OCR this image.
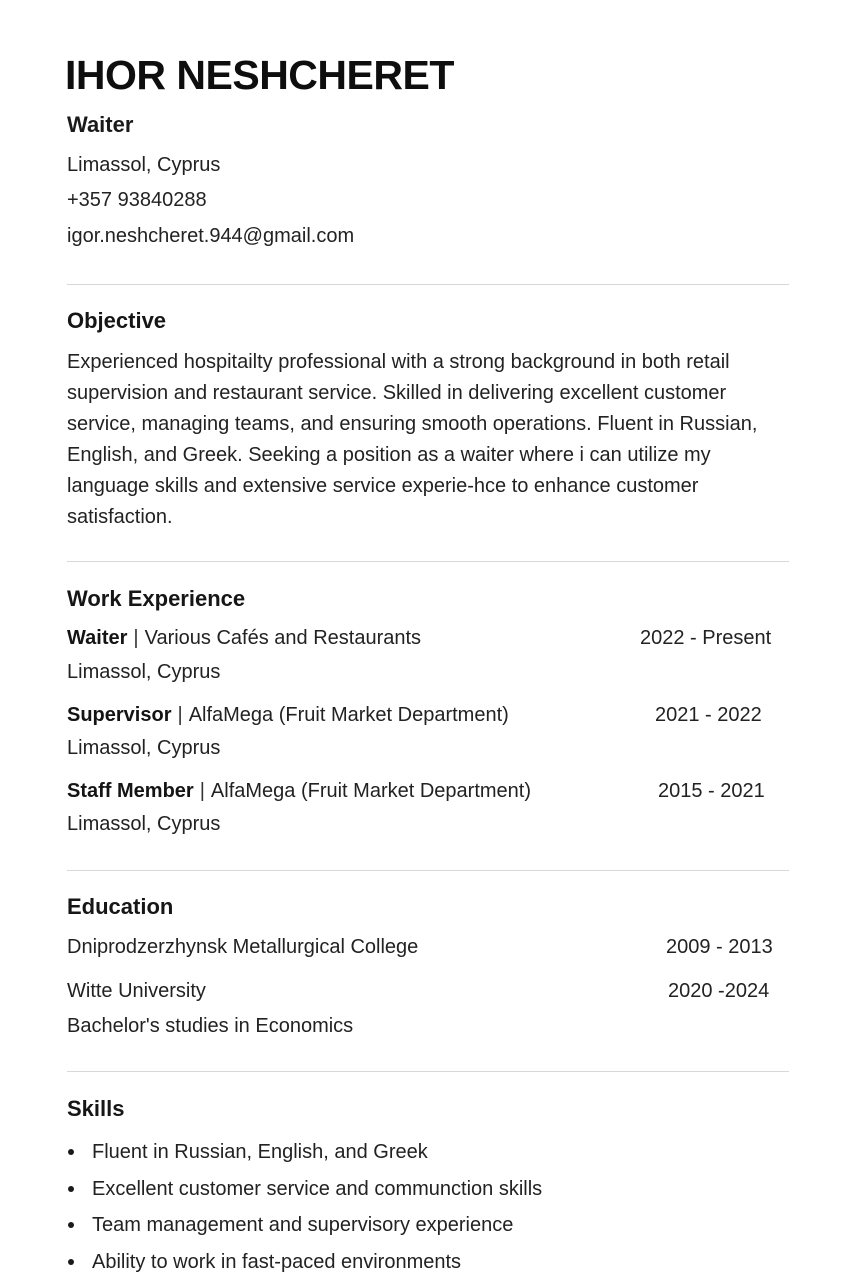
IHOR NESHCHERET
Waiter
Limassol, Cyprus
+357 93840288
igor.neshcheret.944@gmail.com
Objective
Experienced hospitailty professional with a strong background in both retail supervision and restaurant service. Skilled in delivering excellent customer service, managing teams, and ensuring smooth operations. Fluent in Russian, English, and Greek. Seeking a position as a waiter where i can utilize my language skills and extensive service experie-hce to enhance customer satisfaction.
Work Experience
Waiter | Various Cafés and Restaurants	2022 - Present
Limassol, Cyprus
Supervisor | AlfaMega (Fruit Market Department)	2021 - 2022
Limassol, Cyprus
Staff Member | AlfaMega (Fruit Market Department)	2015 - 2021
Limassol, Cyprus
Education
Dniprodzerzhynsk Metallurgical College	2009 - 2013
Witte University	2020 -2024
Bachelor's studies in Economics
Skills
Fluent in Russian, English, and Greek
Excellent customer service and communction skills
Team management and supervisory experience
Ability to work in fast-paced environments
